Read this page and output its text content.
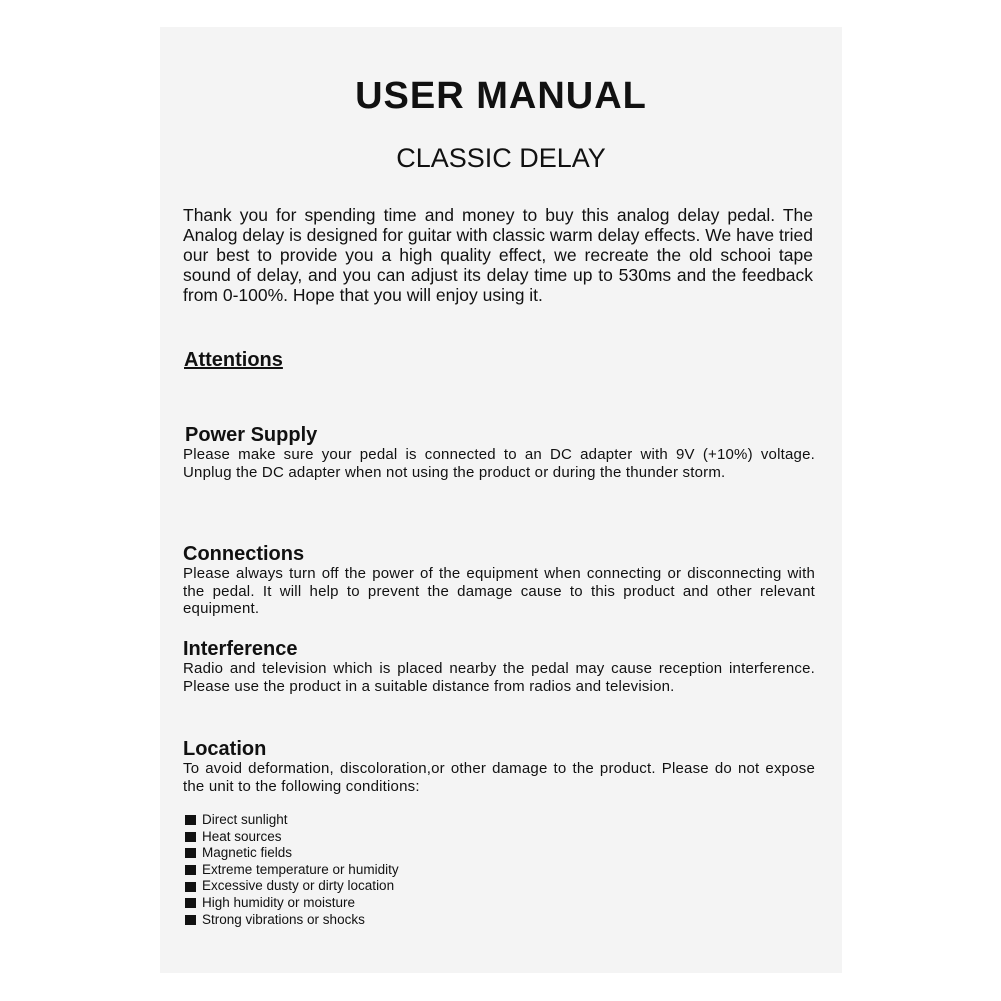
USER MANUAL
CLASSIC DELAY

Thank you for spending time and money to buy this analog delay pedal. The Analog delay is designed for guitar with classic warm delay effects. We have tried our best to provide you a high quality effect, we recreate the old schooi tape sound of delay, and you can adjust its delay time up to 530ms and the feedback from 0-100%. Hope that you will enjoy using it.

Attentions
Power Supply

Please make sure your pedal is connected to an DC adapter with 9V (+10%) voltage. Unplug the DC adapter when not using the product or during the thunder storm.

Connections

Please always turn off the power of the equipment when connecting or disconnecting with the pedal. It will help to prevent the damage cause to this product and other relevant equipment.

Interference

Radio and television which is placed nearby the pedal may cause reception interference. Please use the product in a suitable distance from radios and television.

Location

To avoid deformation, discoloration,or other damage to the product. Please do not expose the unit to the following conditions:

Direct sunlight
Heat sources
Magnetic fields
Extreme temperature or humidity
Excessive dusty or dirty location
High humidity or moisture
Strong vibrations or shocks
